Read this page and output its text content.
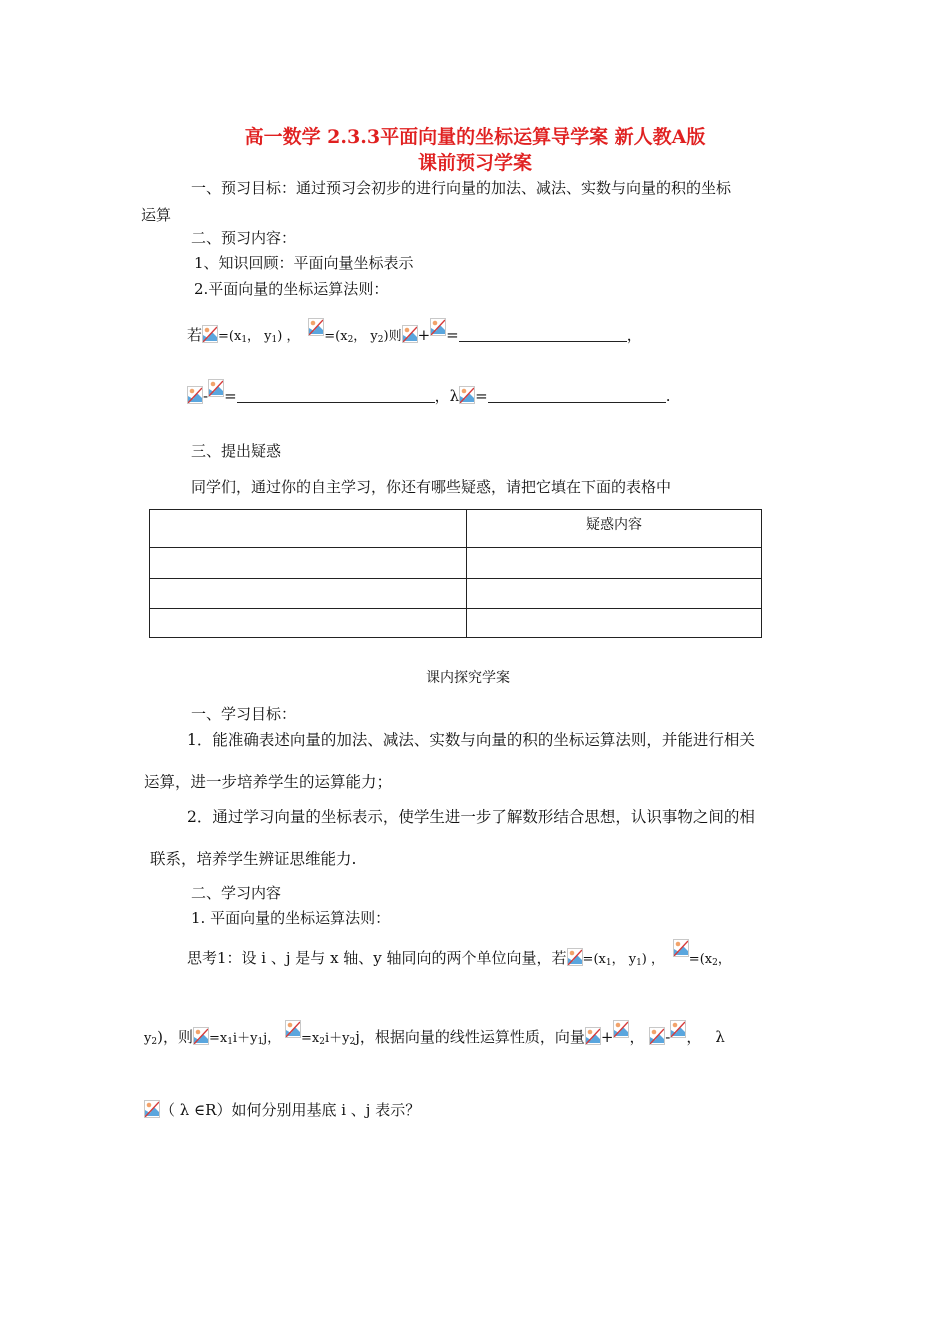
高一数学 2.3.3平面向量的坐标运算导学案 新人教A版
课前预习学案
一、预习目标：通过预习会初步的进行向量的加法、减法、实数与向量的积的坐标
运算
二、预习内容：
1、知识回顾：平面向量坐标表示
2.平面向量的坐标运算法则：
若 $=(x_1$， $y_1$) ， $=(x_2$， $y_2$)则 + =	，
- =	，λ =	.
三、提出疑惑
同学们，通过你的自主学习，你还有哪些疑惑，请把它填在下面的表格中
	疑惑内容

课内探究学案
一、学习目标：
1．能准确表述向量的加法、减法、实数与向量的积的坐标运算法则，并能进行相关
运算，进一步培养学生的运算能力；
2．通过学习向量的坐标表示，使学生进一步了解数形结合思想，认识事物之间的相
联系，培养学生辨证思维能力.
二、学习内容
1. 平面向量的坐标运算法则：
思考1：设 i 、j 是与 x 轴、y 轴同向的两个单位向量，若 $=(x_1$， $y_1$) ， $=(x_2$，
$y_2$)，则 $=x_1i+y_1j$， $=x_2i+y_2j$，根据向量的线性运算性质，向量 + ， - ， λ
（ λ ∈R）如何分别用基底 i 、j 表示？
